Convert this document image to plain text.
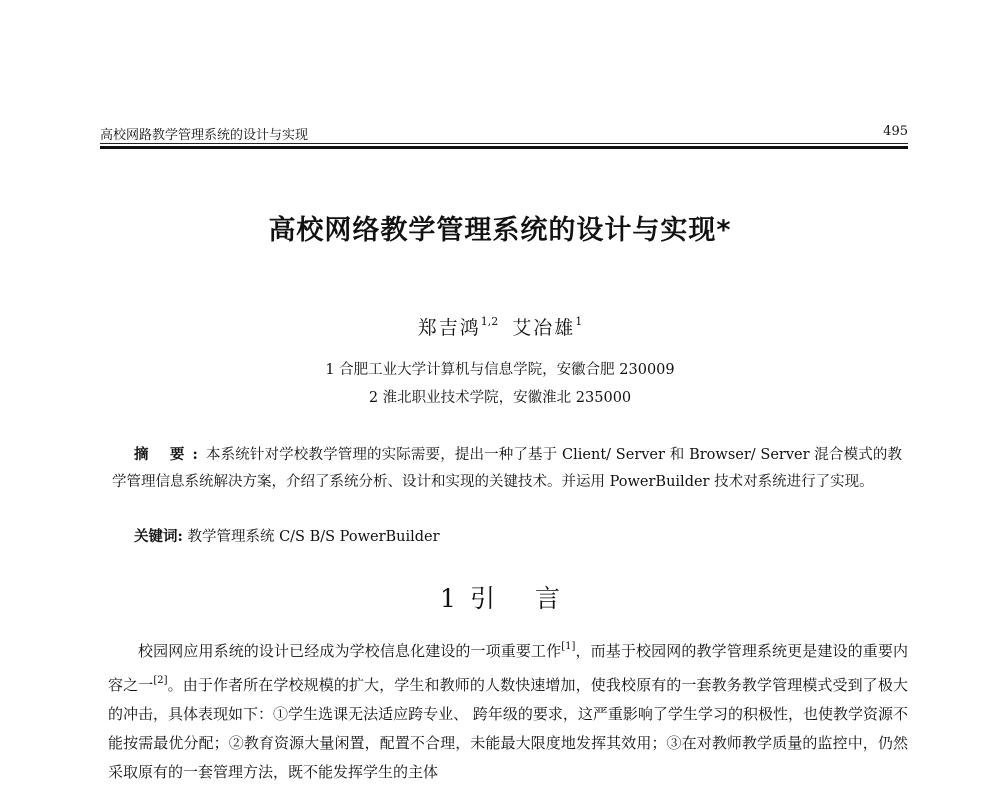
高校网路教学管理系统的设计与实现	495
高校网络教学管理系统的设计与实现*
郑吉鸿$^{1,2}$ 艾冶雄$^1$
1 合肥工业大学计算机与信息学院，安徽合肥 230009
2 淮北职业技术学院，安徽淮北 235000
摘 要:本系统针对学校教学管理的实际需要，提出一种了基于 Client/ Server 和 Browser/ Server 混合模式的教学管理信息系统解决方案，介绍了系统分析、设计和实现的关键技术。并运用 PowerBuilder 技术对系统进行了实现。
关键词: 教学管理系统 C/S B/S PowerBuilder
1 引 言

校园网应用系统的设计已经成为学校信息化建设的一项重要工作[1]，而基于校园网的教学管理系统更是建设的重要内容之一[2]。由于作者所在学校规模的扩大，学生和教师的人数快速增加，使我校原有的一套教务教学管理模式受到了极大的冲击，具体表现如下：①学生选课无法适应跨专业、 跨年级的要求，这严重影响了学生学习的积极性，也使教学资源不能按需最优分配；②教育资源大量闲置，配置不合理，未能最大限度地发挥其效用；③在对教师教学质量的监控中，仍然采取原有的一套管理方法，既不能发挥学生的主体
